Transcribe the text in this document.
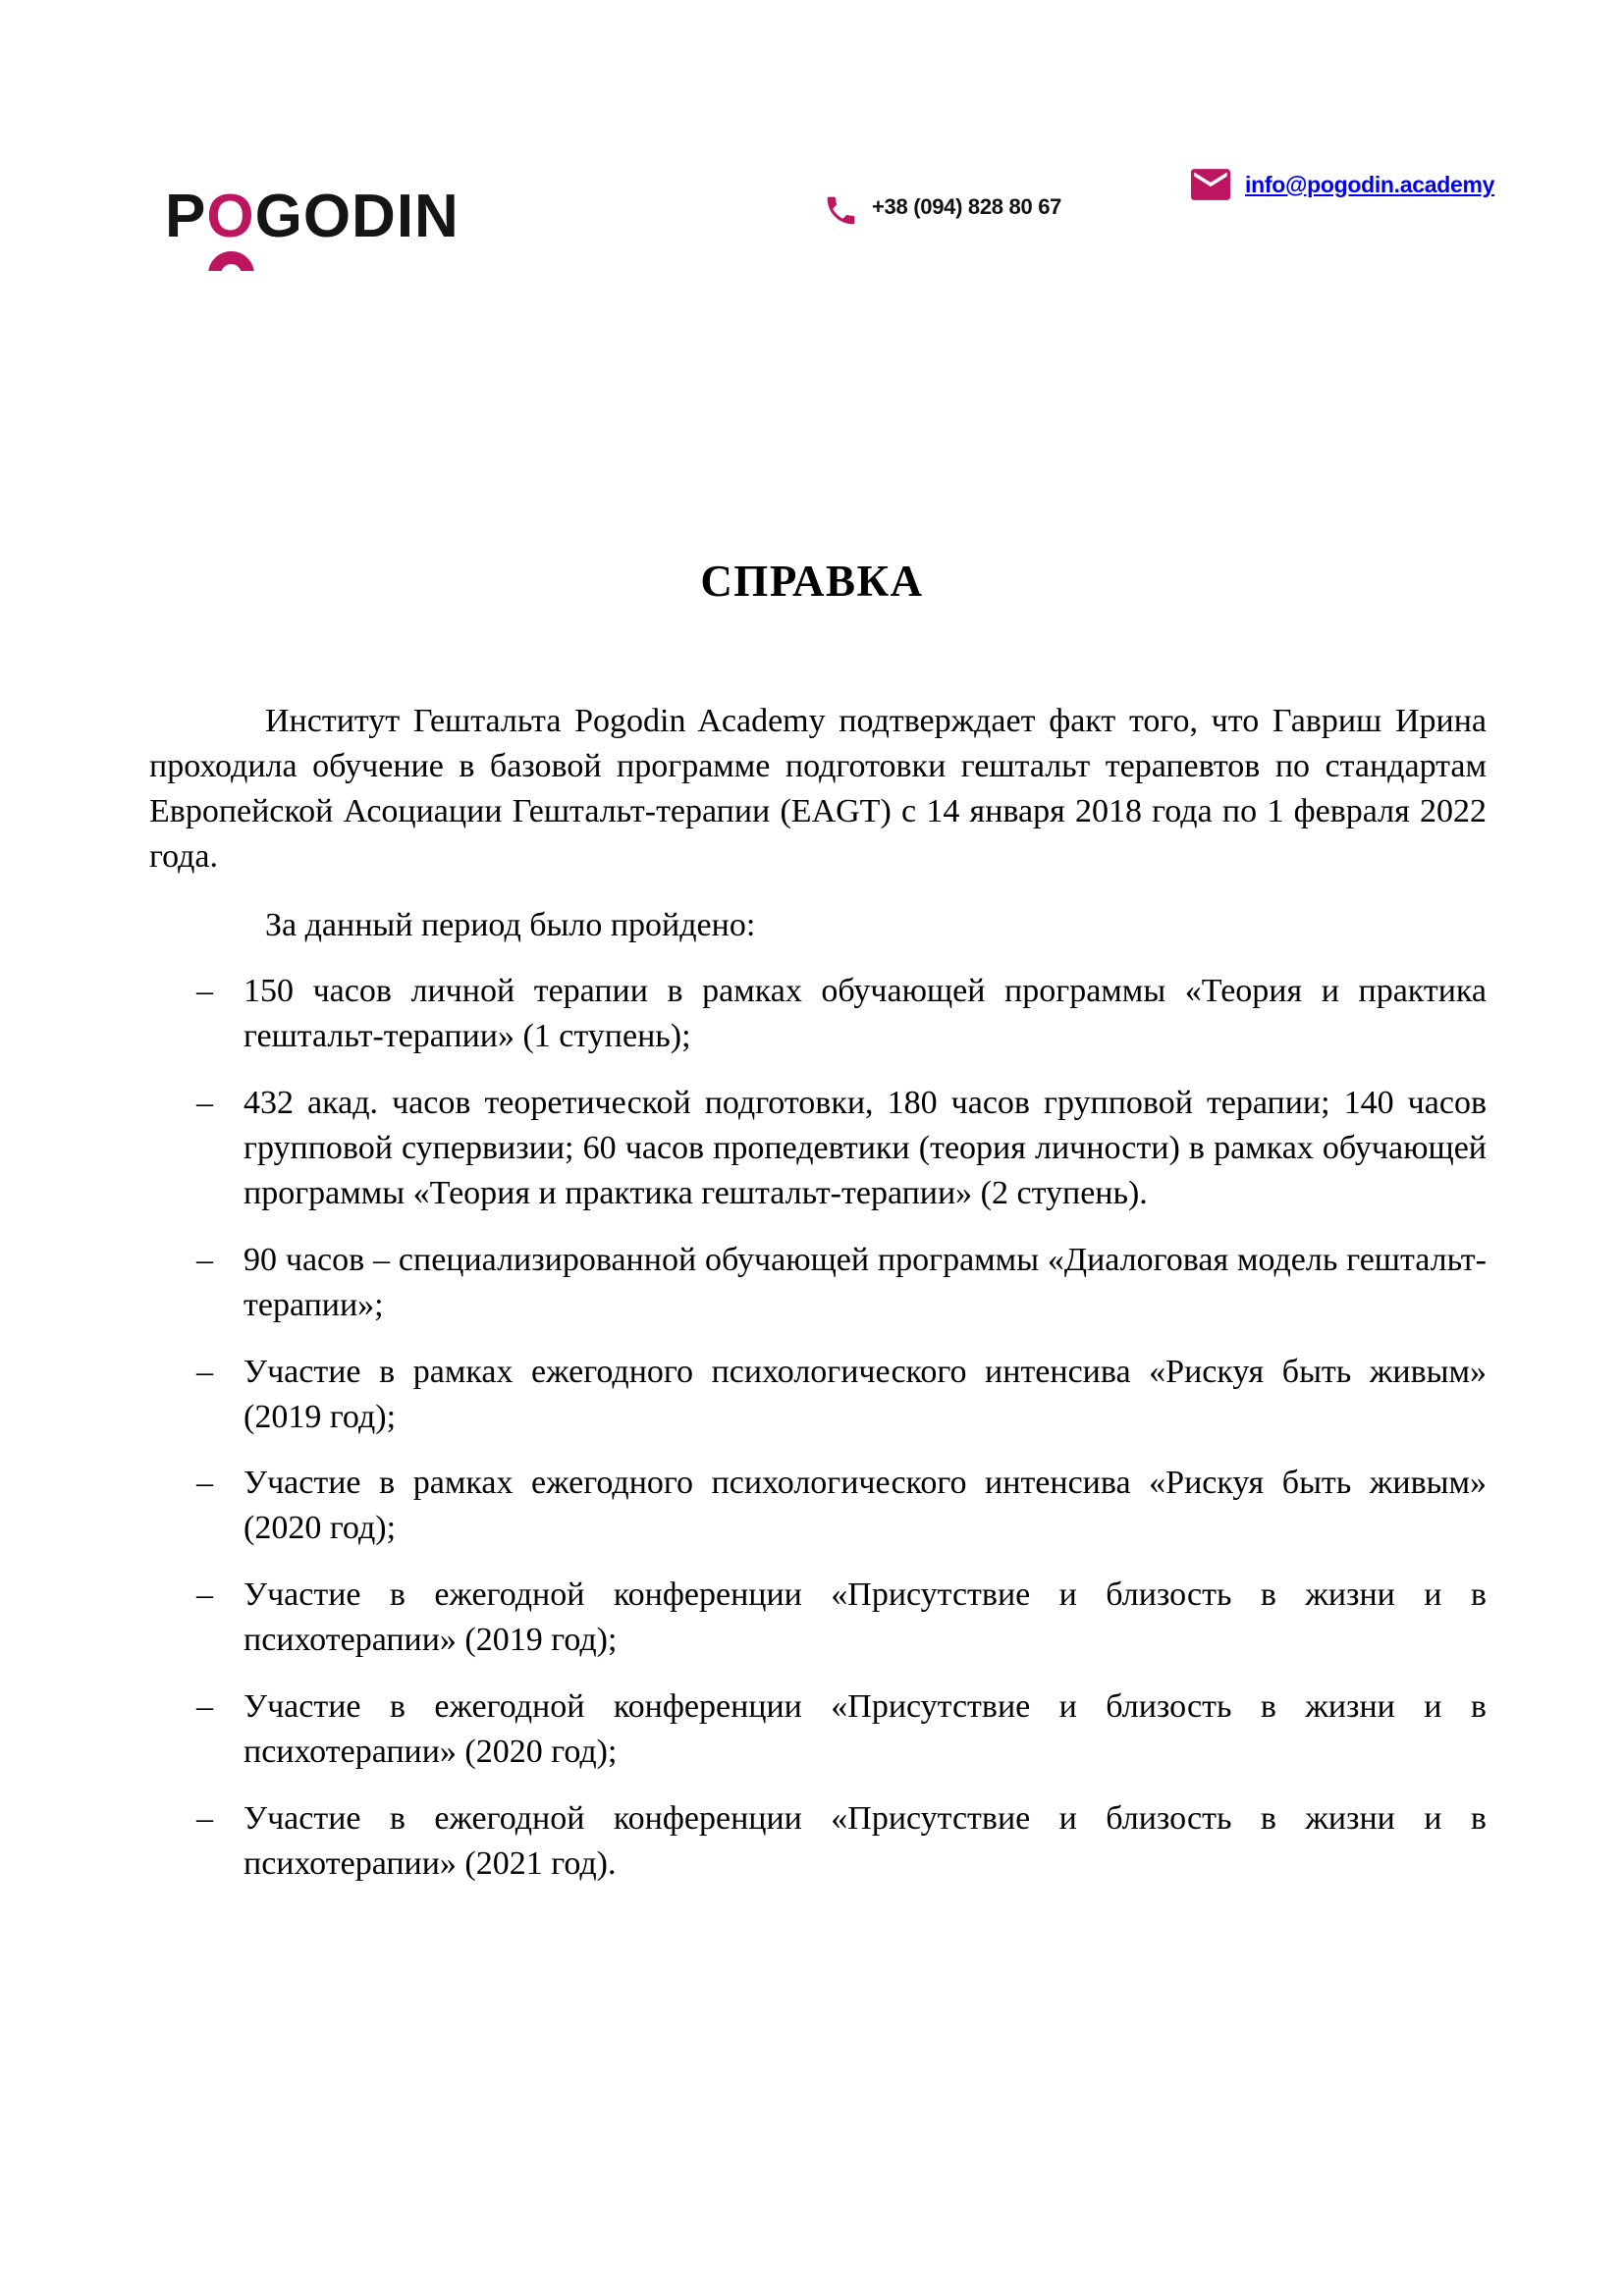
POGODIN	+38 (094) 828 80 67
info@pogodin.academy
СПРАВКА

Институт Гештальта Pogodin Academy подтверждает факт того, что Гавриш Ирина проходила обучение в базовой программе подготовки гештальт терапевтов по стандартам Европейской Асоциации Гештальт-терапии (EAGT) с 14 января 2018 года по 1 февраля 2022 года.

За данный период было пройдено:

– 150 часов личной терапии в рамках обучающей программы «Теория и практика гештальт-терапии» (1 ступень);
– 432 акад. часов теоретической подготовки, 180 часов групповой терапии; 140 часов групповой супервизии; 60 часов пропедевтики (теория личности) в рамках обучающей программы «Теория и практика гештальт-терапии» (2 ступень).
– 90 часов – специализированной обучающей программы «Диалоговая модель гештальт-терапии»;
– Участие в рамках ежегодного психологического интенсива «Рискуя быть живым» (2019 год);
– Участие в рамках ежегодного психологического интенсива «Рискуя быть живым» (2020 год);
– Участие в ежегодной конференции «Присутствие и близость в жизни и в психотерапии» (2019 год);
– Участие в ежегодной конференции «Присутствие и близость в жизни и в психотерапии» (2020 год);
– Участие в ежегодной конференции «Присутствие и близость в жизни и в психотерапии» (2021 год).
